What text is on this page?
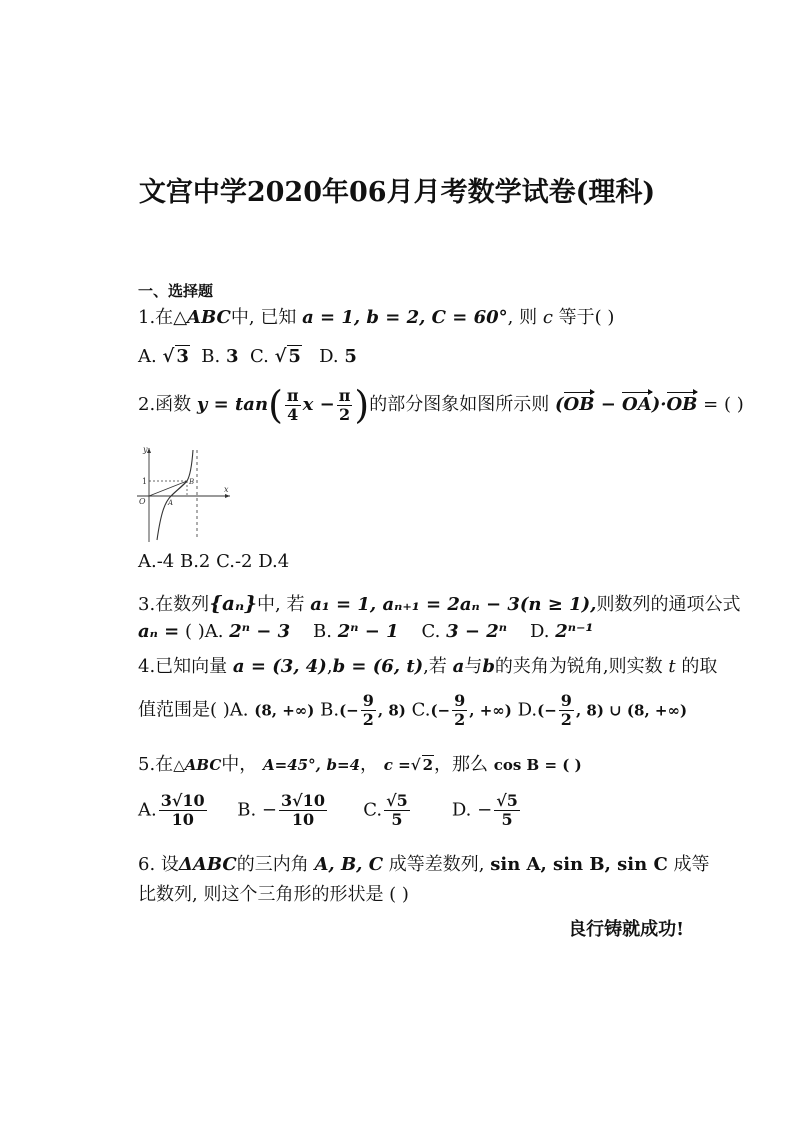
文宫中学2020年06月月考数学试卷(理科)
一、选择题
1.在△ABC中, 已知 a = 1, b = 2, C = 60°, 则 c 等于( )
A. √ 3 B. 3 C. √ 5 D. 5
2.函数 $y = \tan( \frac{\pi}{4}$ $x - \frac{\pi}{2}$ )的部分图象如图所示则 (OB − OA)·OB = ( )
y
x
O
1
A
B
A.-4 B.2 C.-2 D.4
3.在数列{aₙ}中, 若 a₁ = 1, aₙ₊₁ = 2aₙ − 3(n ≥ 1),则数列的通项公式
aₙ = ( )A. 2ⁿ − 3 B. 2ⁿ − 1 C. 3 − 2ⁿ D. 2ⁿ⁻¹
4.已知向量 a = (3, 4),b = (6, t),若 a与b的夹角为锐角,则实数 t 的取
值范围是( )A. (8, +∞) $B.(- \frac{9}{2}$ , 8) $C.(- \frac{9}{2}$ , +∞) $D.(- \frac{9}{2}$ , 8) ∪ (8, +∞)
5.在△ABC中， A=45°, b=4， c =√ 2，那么 cos B = ( )
A. $\frac{3√10}{10} B$. − $\frac{3√10}{10} C$. $\frac{√5}{5} D$. − $\frac{√5}{5}$
6. 设ΔABC的三内角 A, B, C 成等差数列, sin A, sin B, sin C 成等
比数列, 则这个三角形的形状是 ( )
良行铸就成功!
